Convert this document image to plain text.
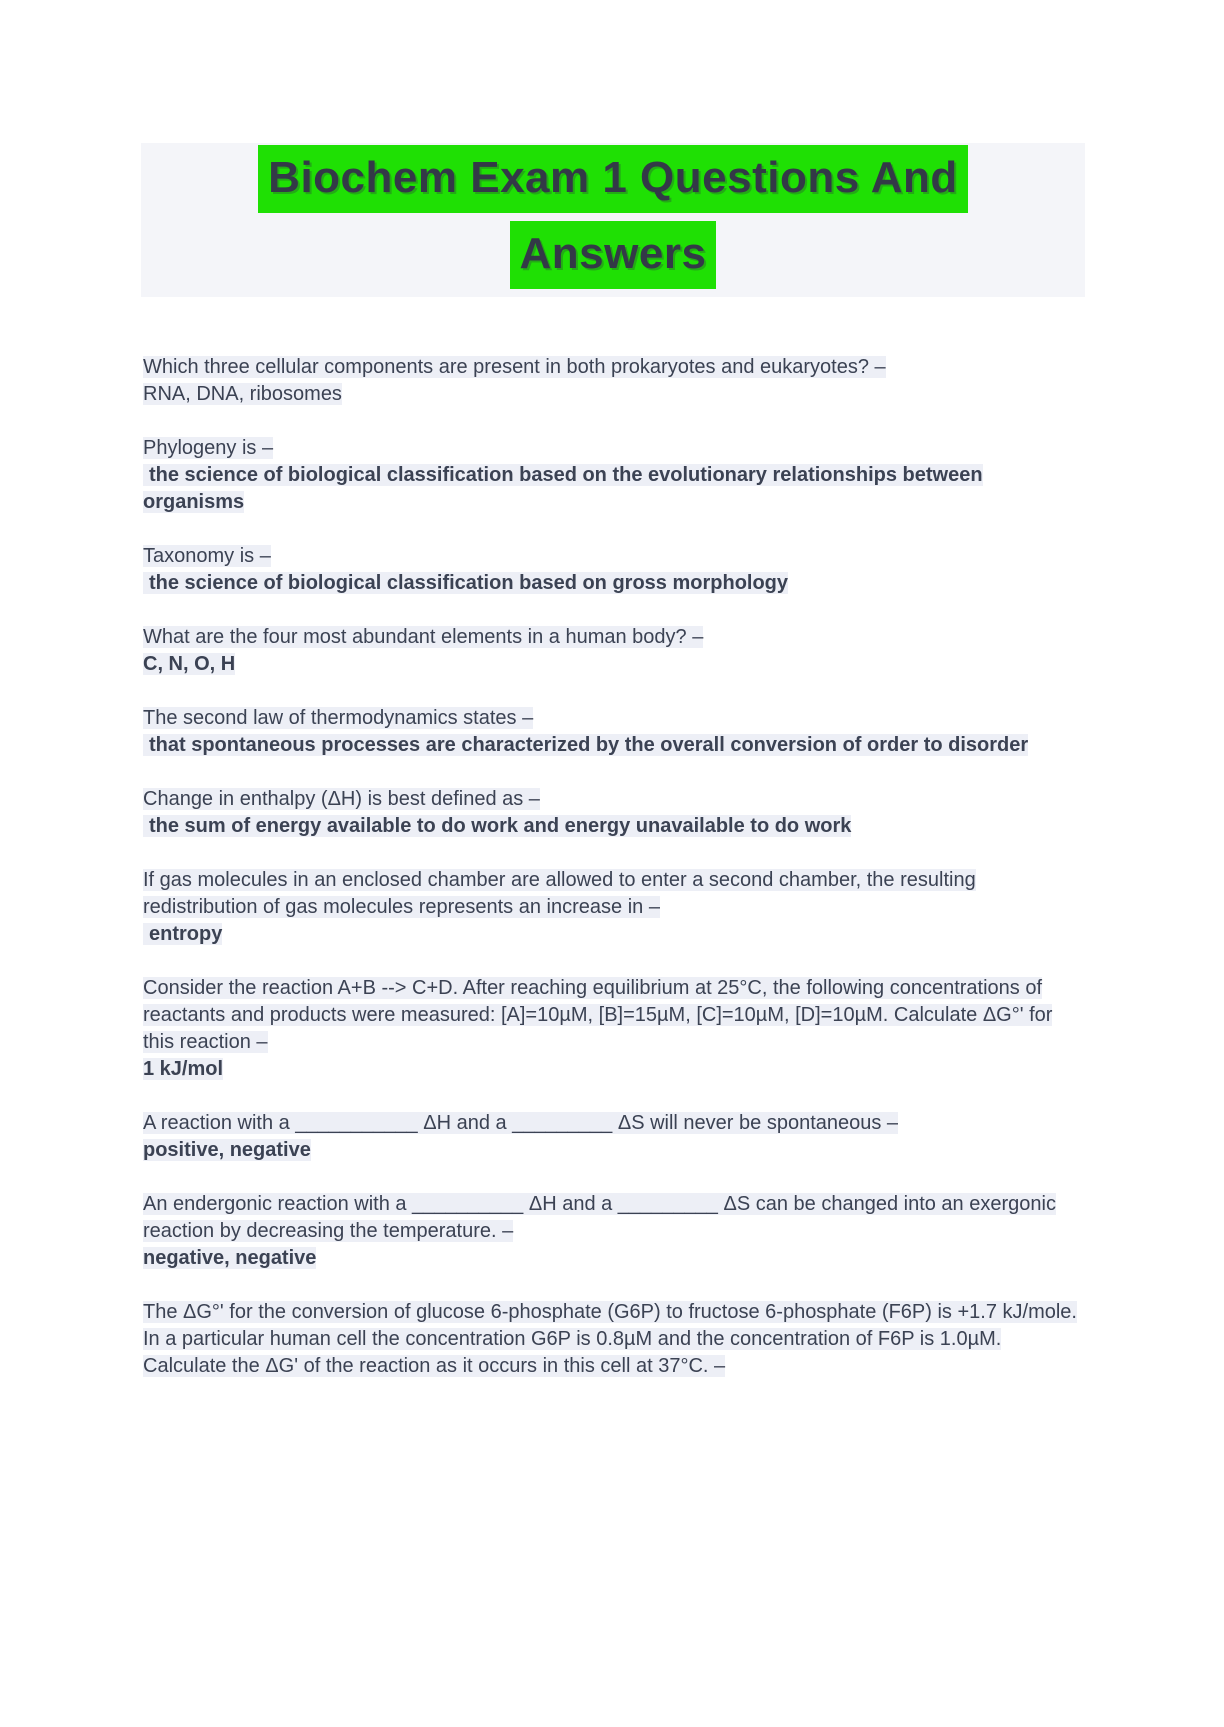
Biochem Exam 1 Questions And
Answers

Which three cellular components are present in both prokaryotes and eukaryotes? –
RNA, DNA, ribosomes

Phylogeny is –
the science of biological classification based on the evolutionary relationships between organisms

Taxonomy is –
the science of biological classification based on gross morphology

What are the four most abundant elements in a human body? –
C, N, O, H

The second law of thermodynamics states –
that spontaneous processes are characterized by the overall conversion of order to disorder

Change in enthalpy (ΔH) is best defined as –
the sum of energy available to do work and energy unavailable to do work

If gas molecules in an enclosed chamber are allowed to enter a second chamber, the resulting redistribution of gas molecules represents an increase in –
entropy

Consider the reaction A+B --> C+D. After reaching equilibrium at 25°C, the following concentrations of reactants and products were measured: [A]=10µM, [B]=15µM, [C]=10µM, [D]=10µM. Calculate ΔG°' for this reaction –
1 kJ/mol

A reaction with a ___________ ΔH and a _________ ΔS will never be spontaneous –
positive, negative

An endergonic reaction with a __________ ΔH and a _________ ΔS can be changed into an exergonic reaction by decreasing the temperature. –
negative, negative

The ΔG°' for the conversion of glucose 6-phosphate (G6P) to fructose 6-phosphate (F6P) is +1.7 kJ/mole. In a particular human cell the concentration G6P is 0.8µM and the concentration of F6P is 1.0µM. Calculate the ΔG' of the reaction as it occurs in this cell at 37°C. –
